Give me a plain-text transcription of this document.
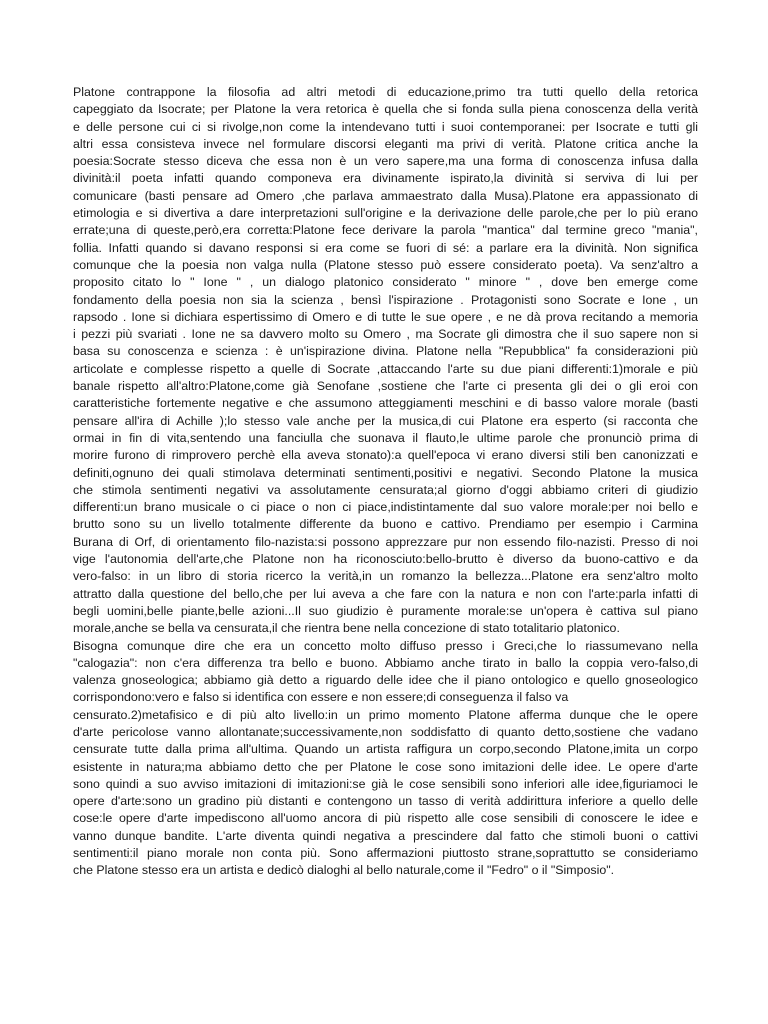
Platone contrappone la filosofia ad altri metodi di educazione,primo tra tutti quello della retorica
capeggiato da Isocrate; per Platone la vera retorica è quella che si fonda sulla piena conoscenza della verità
e delle persone cui ci si rivolge,non come la intendevano tutti i suoi contemporanei: per Isocrate e tutti gli
altri essa consisteva invece nel formulare discorsi eleganti ma privi di verità. Platone critica anche la
poesia:Socrate stesso diceva che essa non è un vero sapere,ma una forma di conoscenza infusa dalla
divinità:il poeta infatti quando componeva era divinamente ispirato,la divinità si serviva di lui per
comunicare (basti pensare ad Omero ,che parlava ammaestrato dalla Musa).Platone era appassionato di
etimologia e si divertiva a dare interpretazioni sull'origine e la derivazione delle parole,che per lo più erano
errate;una di queste,però,era corretta:Platone fece derivare la parola "mantica" dal termine greco "mania",
follia. Infatti quando si davano responsi si era come se fuori di sé: a parlare era la divinità. Non significa
comunque che la poesia non valga nulla (Platone stesso può essere considerato poeta). Va senz'altro a
proposito citato lo " Ione " , un dialogo platonico considerato " minore " , dove ben emerge come
fondamento della poesia non sia la scienza , bensì l'ispirazione . Protagonisti sono Socrate e Ione , un
rapsodo . Ione si dichiara espertissimo di Omero e di tutte le sue opere , e ne dà prova recitando a memoria
i pezzi più svariati . Ione ne sa davvero molto su Omero , ma Socrate gli dimostra che il suo sapere non si
basa su conoscenza e scienza : è un'ispirazione divina. Platone nella "Repubblica" fa considerazioni più
articolate e complesse rispetto a quelle di Socrate ,attaccando l'arte su due piani differenti:1)morale e più
banale rispetto all'altro:Platone,come già Senofane ,sostiene che l'arte ci presenta gli dei o gli eroi con
caratteristiche fortemente negative e che assumono atteggiamenti meschini e di basso valore morale (basti
pensare all'ira di Achille );lo stesso vale anche per la musica,di cui Platone era esperto (si racconta che
ormai in fin di vita,sentendo una fanciulla che suonava il flauto,le ultime parole che pronunciò prima di
morire furono di rimprovero perchè ella aveva stonato):a quell'epoca vi erano diversi stili ben canonizzati e
definiti,ognuno dei quali stimolava determinati sentimenti,positivi e negativi. Secondo Platone la musica
che stimola sentimenti negativi va assolutamente censurata;al giorno d'oggi abbiamo criteri di giudizio
differenti:un brano musicale o ci piace o non ci piace,indistintamente dal suo valore morale:per noi bello e
brutto sono su un livello totalmente differente da buono e cattivo. Prendiamo per esempio i Carmina
Burana di Orf, di orientamento filo-nazista:si possono apprezzare pur non essendo filo-nazisti. Presso di noi
vige l'autonomia dell'arte,che Platone non ha riconosciuto:bello-brutto è diverso da buono-cattivo e da
vero-falso: in un libro di storia ricerco la verità,in un romanzo la bellezza...Platone era senz'altro molto
attratto dalla questione del bello,che per lui aveva a che fare con la natura e non con l'arte:parla infatti di
begli uomini,belle piante,belle azioni...Il suo giudizio è puramente morale:se un'opera è cattiva sul piano
morale,anche se bella va censurata,il che rientra bene nella concezione di stato totalitario platonico.
Bisogna comunque dire che era un concetto molto diffuso presso i Greci,che lo riassumevano nella
"calogazia": non c'era differenza tra bello e buono. Abbiamo anche tirato in ballo la coppia vero-falso,di
valenza gnoseologica; abbiamo già detto a riguardo delle idee che il piano ontologico e quello gnoseologico
corrispondono:vero e falso si identifica con essere e non essere;di conseguenza il falso va
censurato.2)metafisico e di più alto livello:in un primo momento Platone afferma dunque che le opere
d'arte pericolose vanno allontanate;successivamente,non soddisfatto di quanto detto,sostiene che vadano
censurate tutte dalla prima all'ultima. Quando un artista raffigura un corpo,secondo Platone,imita un corpo
esistente in natura;ma abbiamo detto che per Platone le cose sono imitazioni delle idee. Le opere d'arte
sono quindi a suo avviso imitazioni di imitazioni:se già le cose sensibili sono inferiori alle idee,figuriamoci le
opere d'arte:sono un gradino più distanti e contengono un tasso di verità addirittura inferiore a quello delle
cose:le opere d'arte impediscono all'uomo ancora di più rispetto alle cose sensibili di conoscere le idee e
vanno dunque bandite. L'arte diventa quindi negativa a prescindere dal fatto che stimoli buoni o cattivi
sentimenti:il piano morale non conta più. Sono affermazioni piuttosto strane,soprattutto se consideriamo
che Platone stesso era un artista e dedicò dialoghi al bello naturale,come il "Fedro" o il "Simposio".
